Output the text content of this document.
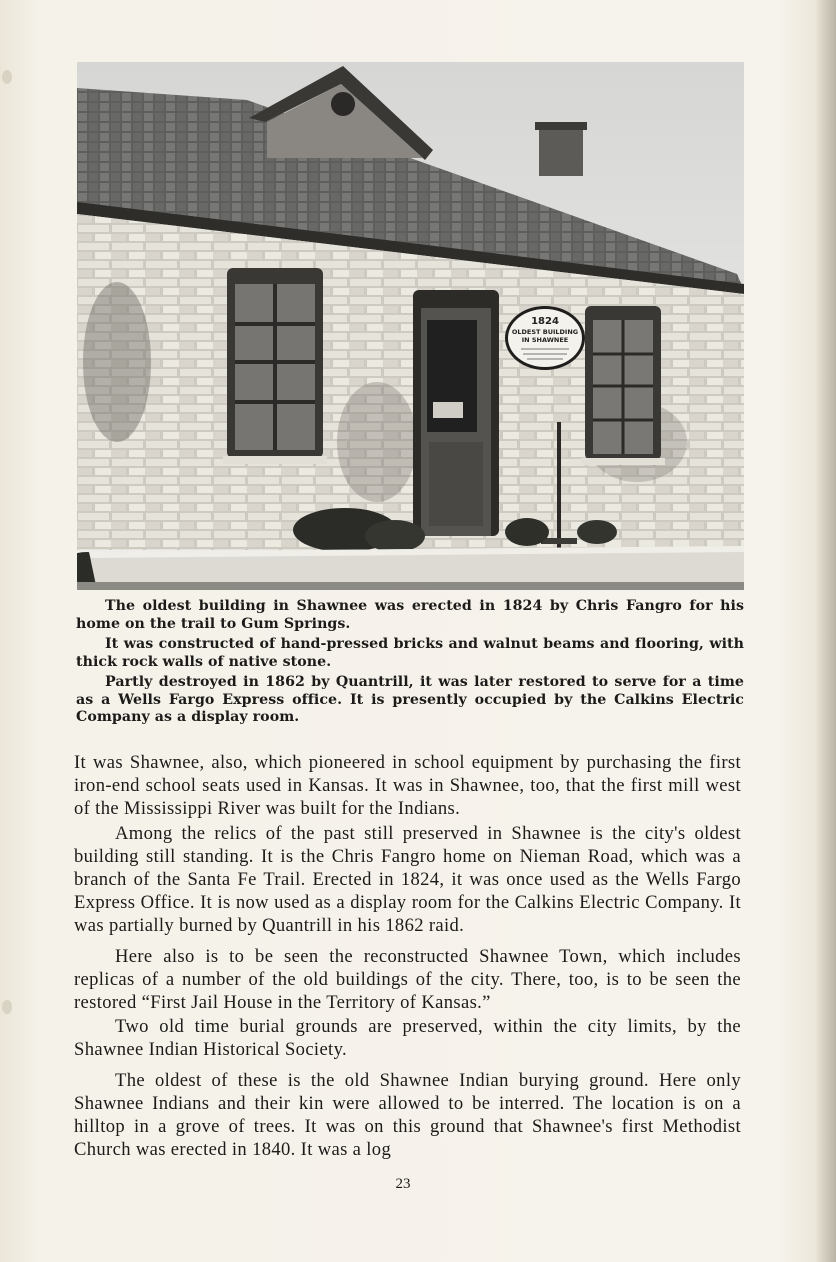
1824
OLDEST BUILDING
IN SHAWNEE

The oldest building in Shawnee was erected in 1824 by Chris Fangro for his home on the trail to Gum Springs.

It was constructed of hand-pressed bricks and walnut beams and flooring, with thick rock walls of native stone.

Partly destroyed in 1862 by Quantrill, it was later restored to serve for a time as a Wells Fargo Express office. It is presently occupied by the Calkins Electric Company as a display room.

It was Shawnee, also, which pioneered in school equipment by purchasing the first iron-end school seats used in Kansas. It was in Shawnee, too, that the first mill west of the Mississippi River was built for the Indians.

Among the relics of the past still preserved in Shawnee is the city's oldest building still standing. It is the Chris Fangro home on Nieman Road, which was a branch of the Santa Fe Trail. Erected in 1824, it was once used as the Wells Fargo Express Office. It is now used as a display room for the Calkins Electric Company. It was partially burned by Quantrill in his 1862 raid.

Here also is to be seen the reconstructed Shawnee Town, which includes replicas of a number of the old buildings of the city. There, too, is to be seen the restored “First Jail House in the Territory of Kansas.”

Two old time burial grounds are preserved, within the city limits, by the Shawnee Indian Historical Society.

The oldest of these is the old Shawnee Indian burying ground. Here only Shawnee Indians and their kin were allowed to be interred. The location is on a hilltop in a grove of trees. It was on this ground that Shawnee's first Methodist Church was erected in 1840. It was a log

23
